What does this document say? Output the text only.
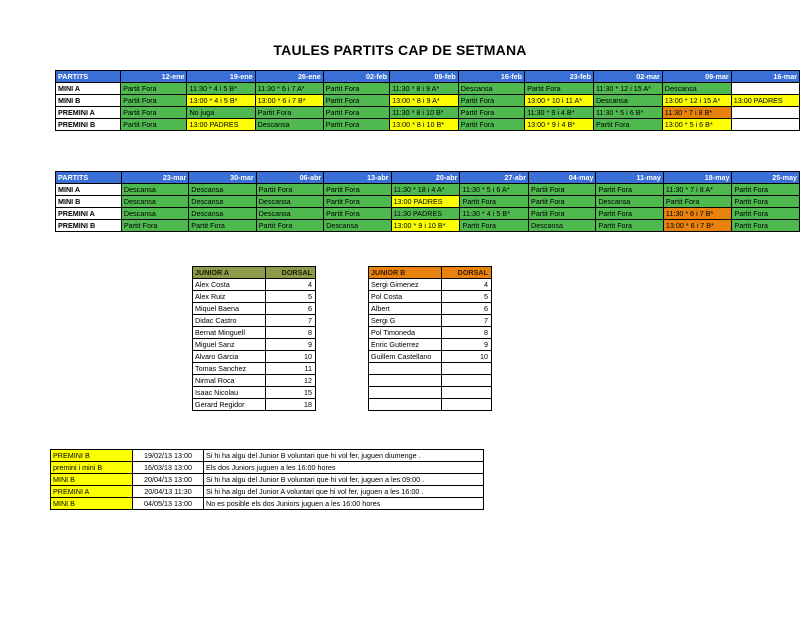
TAULES PARTITS CAP DE SETMANA
PARTITS	12-ene	19-ene	26-ene	02-feb	09-feb	16-feb	23-feb	02-mar	09-mar	16-mar
MINI A	Partit Fora	11:30 * 4 i 5 B*	11:30 * 6 i 7 A*	Partit Fora	11:30 * 8 i 9 A*	Descansa	Partit Fora	11:30 * 12 i 15 A*	Descansa	
MINI B	Partit Fora	13:00 * 4 i 5 B*	13:00 * 6 i 7 B*	Partit Fora	13:00 * 8 i 9 A*	Partit Fora	13:00 * 10 i 11 A*	Descansa	13:00 * 12 i 15 A*	13:00 PADRES
PREMINI A	Partit Fora	No juga	Partit Fora	Partit Fora	11:30 * 8 i 10 B*	Partit Fora	11:30 * 9 i 4 B*	11:30 * 5 i 6 B*	11:30 * 7 i 8 B*	
PREMINI B	Partit Fora	13:00 PADRES	Descansa	Partit Fora	13:00 * 8 i 10 B*	Partit Fora	13:00 * 9 i 4 B*	Partit Fora	13:00 * 5 i 6 B*	
PARTITS	23-mar	30-mar	06-abr	13-abr	20-abr	27-abr	04-may	11-may	18-may	25-may
MINI A	Descansa	Descansa	Partit Fora	Partit Fora	11:30 * 18 i 4 A*	11:30 * 5 i 6 A*	Partit Fora	Partit Fora	11:30 * 7 i 8 A*	Partit Fora
MINI B	Descansa	Descansa	Descansa	Partit Fora	13:00 PADRES	Partit Fora	Partit Fora	Descansa	Partit Fora	Partit Fora
PREMINI A	Descansa	Descansa	Descansa	Partit Fora	11:30 PADRES	11:30 * 4 i 5 B*	Partit Fora	Partit Fora	11:30 * 6 i 7 B*	Partit Fora
PREMINI B	Partit Fora	Partit Fora	Partit Fora	Descansa	13:00 * 9 i 10 B*	Partit Fora	Descansa	Partit Fora	13:00 * 6 i 7 B*	Partit Fora
JUNIOR A	DORSAL
Alex Costa	4
Alex Ruiz	5
Miquel Baena	6
Didac Castro	7
Bernat Minguell	8
Miguel Sanz	9
Alvaro Garcia	10
Tomas Sanchez	11
Nirmal Roca	12
Isaac Nicolau	15
Gerard Regidor	18
JUNIOR B	DORSAL
Sergi Gimenez	4
Pol Costa	5
Albert	6
Sergi G	7
Pol Timoneda	8
Enric Gutierrez	9
Guillem Castellano	10

PREMINI B	19/02/13 13:00	Si hi ha algu del Junior B voluntari que hi vol fer, juguen diumenge .
premini i mini B	16/03/13 13:00	Els dos Juniors juguen a les 16:00 hores
MINI B	20/04/13 13:00	Si hi ha algu del Junior B voluntari que hi vol fer, juguen a les 09:00 .
PREMINI A	20/04/13 11:30	Si hi ha algu del Junior A voluntari que hi vol fer, juguen a les 16:00 .
MINI B	04/05/13 13:00	No es posible els dos Juniors juguen a les 16:00 hores
